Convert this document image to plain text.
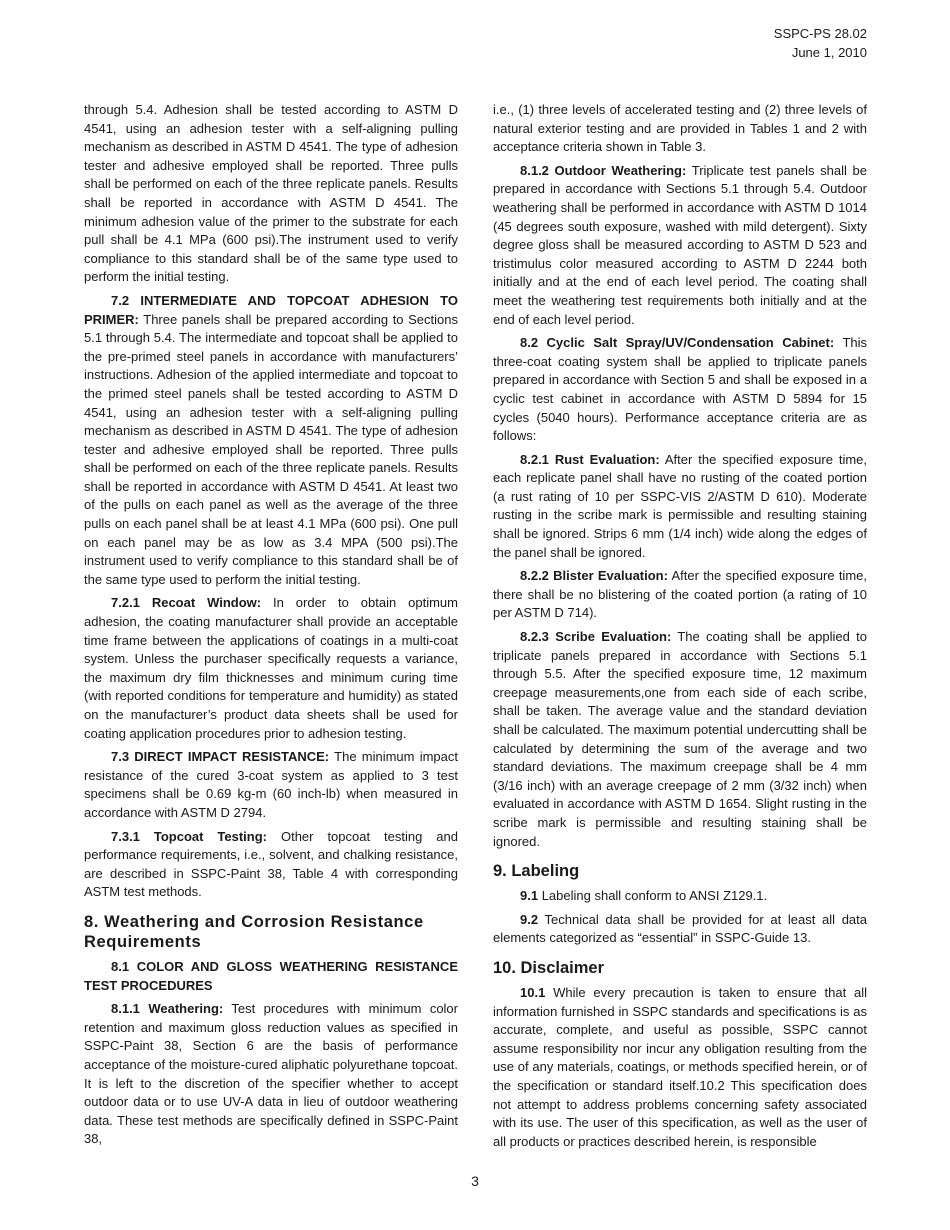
SSPC-PS 28.02
June 1, 2010

through 5.4. Adhesion shall be tested according to ASTM D 4541, using an adhesion tester with a self-aligning pulling mechanism as described in ASTM D 4541. The type of adhesion tester and adhesive employed shall be reported. Three pulls shall be performed on each of the three replicate panels. Results shall be reported in accordance with ASTM D 4541. The minimum adhesion value of the primer to the substrate for each pull shall be 4.1 MPa (600 psi).The instrument used to verify compliance to this standard shall be of the same type used to perform the initial testing.

7.2 INTERMEDIATE AND TOPCOAT ADHESION TO PRIMER: Three panels shall be prepared according to Sections 5.1 through 5.4. The intermediate and topcoat shall be applied to the pre-primed steel panels in accordance with manufacturers’ instructions. Adhesion of the applied intermediate and topcoat to the primed steel panels shall be tested according to ASTM D 4541, using an adhesion tester with a self-aligning pulling mechanism as described in ASTM D 4541. The type of adhesion tester and adhesive employed shall be reported. Three pulls shall be performed on each of the three replicate panels. Results shall be reported in accordance with ASTM D 4541. At least two of the pulls on each panel as well as the average of the three pulls on each panel shall be at least 4.1 MPa (600 psi). One pull on each panel may be as low as 3.4 MPA (500 psi).The instrument used to verify compliance to this standard shall be of the same type used to perform the initial testing.

7.2.1 Recoat Window: In order to obtain optimum adhesion, the coating manufacturer shall provide an acceptable time frame between the applications of coatings in a multi-coat system. Unless the purchaser specifically requests a variance, the maximum dry film thicknesses and minimum curing time (with reported conditions for temperature and humidity) as stated on the manufacturer’s product data sheets shall be used for coating application procedures prior to adhesion testing.

7.3 DIRECT IMPACT RESISTANCE: The minimum impact resistance of the cured 3-coat system as applied to 3 test specimens shall be 0.69 kg-m (60 inch-lb) when measured in accordance with ASTM D 2794.

7.3.1 Topcoat Testing: Other topcoat testing and performance requirements, i.e., solvent, and chalking resistance, are described in SSPC-Paint 38, Table 4 with corresponding ASTM test methods.

8. Weathering and Corrosion Resistance Requirements

8.1 COLOR AND GLOSS WEATHERING RESISTANCE TEST PROCEDURES

8.1.1 Weathering: Test procedures with minimum color retention and maximum gloss reduction values as specified in SSPC-Paint 38, Section 6 are the basis of performance acceptance of the moisture-cured aliphatic polyurethane topcoat. It is left to the discretion of the specifier whether to accept outdoor data or to use UV-A data in lieu of outdoor weathering data. These test methods are specifically defined in SSPC-Paint 38,

i.e., (1) three levels of accelerated testing and (2) three levels of natural exterior testing and are provided in Tables 1 and 2 with acceptance criteria shown in Table 3.

8.1.2 Outdoor Weathering: Triplicate test panels shall be prepared in accordance with Sections 5.1 through 5.4. Outdoor weathering shall be performed in accordance with ASTM D 1014 (45 degrees south exposure, washed with mild detergent). Sixty degree gloss shall be measured according to ASTM D 523 and tristimulus color measured according to ASTM D 2244 both initially and at the end of each level period. The coating shall meet the weathering test requirements both initially and at the end of each level period.

8.2 Cyclic Salt Spray/UV/Condensation Cabinet: This three-coat coating system shall be applied to triplicate panels prepared in accordance with Section 5 and shall be exposed in a cyclic test cabinet in accordance with ASTM D 5894 for 15 cycles (5040 hours). Performance acceptance criteria are as follows:

8.2.1 Rust Evaluation: After the specified exposure time, each replicate panel shall have no rusting of the coated portion (a rust rating of 10 per SSPC-VIS 2/ASTM D 610). Moderate rusting in the scribe mark is permissible and resulting staining shall be ignored. Strips 6 mm (1/4 inch) wide along the edges of the panel shall be ignored.

8.2.2 Blister Evaluation: After the specified exposure time, there shall be no blistering of the coated portion (a rating of 10 per ASTM D 714).

8.2.3 Scribe Evaluation: The coating shall be applied to triplicate panels prepared in accordance with Sections 5.1 through 5.5. After the specified exposure time, 12 maximum creepage measurements,one from each side of each scribe, shall be taken. The average value and the standard deviation shall be calculated. The maximum potential undercutting shall be calculated by determining the sum of the average and two standard deviations. The maximum creepage shall be 4 mm (3/16 inch) with an average creepage of 2 mm (3/32 inch) when evaluated in accordance with ASTM D 1654. Slight rusting in the scribe mark is permissible and resulting staining shall be ignored.

9. Labeling

9.1 Labeling shall conform to ANSI Z129.1.

9.2 Technical data shall be provided for at least all data elements categorized as “essential” in SSPC-Guide 13.

10. Disclaimer

10.1 While every precaution is taken to ensure that all information furnished in SSPC standards and specifications is as accurate, complete, and useful as possible, SSPC cannot assume responsibility nor incur any obligation resulting from the use of any materials, coatings, or methods specified herein, or of the specification or standard itself.10.2 This specification does not attempt to address problems concerning safety associated with its use. The user of this specification, as well as the user of all products or practices described herein, is responsible

3
